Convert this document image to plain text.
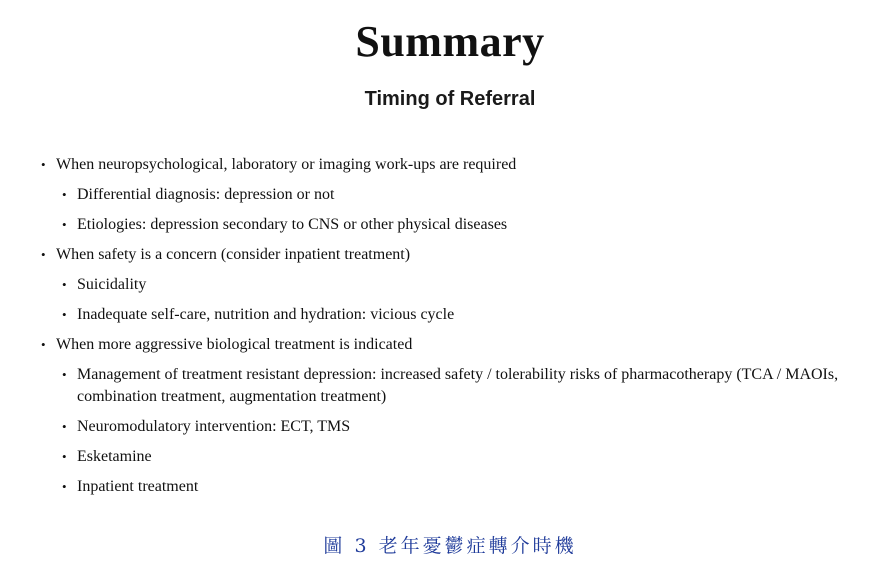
Summary
Timing of Referral
• When neuropsychological, laboratory or imaging work-ups are required
• Differential diagnosis: depression or not
• Etiologies: depression secondary to CNS or other physical diseases
• When safety is a concern (consider inpatient treatment)
• Suicidality
• Inadequate self-care, nutrition and hydration: vicious cycle
• When more aggressive biological treatment is indicated
• Management of treatment resistant depression: increased safety / tolerability risks of pharmacotherapy (TCA / MAOIs, combination treatment, augmentation treatment)
• Neuromodulatory intervention: ECT, TMS
• Esketamine
• Inpatient treatment
圖 3 老年憂鬱症轉介時機
